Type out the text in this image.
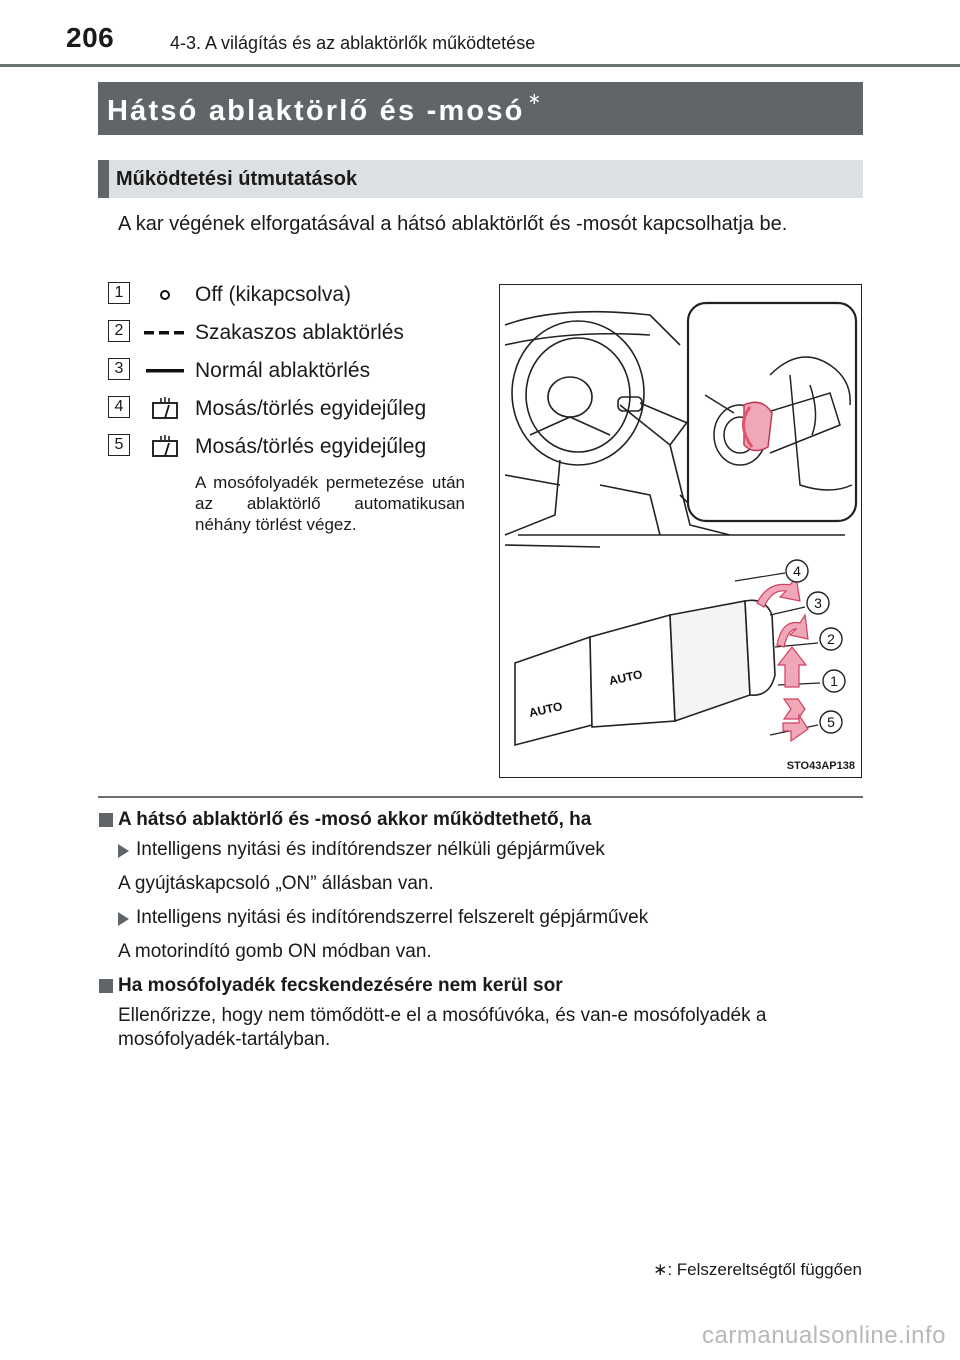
206	4-3. A világítás és az ablaktörlők működtetése
Hátsó ablaktörlő és -mosó ∗
Működtetési útmutatások
A kar végének elforgatásával a hátsó ablaktörlőt és -mosót kapcsolhatja be.
1	Off (kikapcsolva)
2	Szakaszos ablaktörlés
3	Normál ablaktörlés
4	Mosás/törlés egyidejűleg
5	Mosás/törlés egyidejűleg
A mosófolyadék permetezése után az ablaktörlő automatikusan néhány törlést végez.
AUTO
AUTO
4
3
2
1
5
STO43AP138
A hátsó ablaktörlő és -mosó akkor működtethető, ha
Intelligens nyitási és indítórendszer nélküli gépjárművek
A gyújtáskapcsoló „ON” állásban van.
Intelligens nyitási és indítórendszerrel felszerelt gépjárművek
A motorindító gomb ON módban van.
Ha mosófolyadék fecskendezésére nem kerül sor
Ellenőrizze, hogy nem tömődött-e el a mosófúvóka, és van-e mosófolyadék a mosófolyadék-tartályban.
∗: Felszereltségtől függően
carmanualsonline.info
